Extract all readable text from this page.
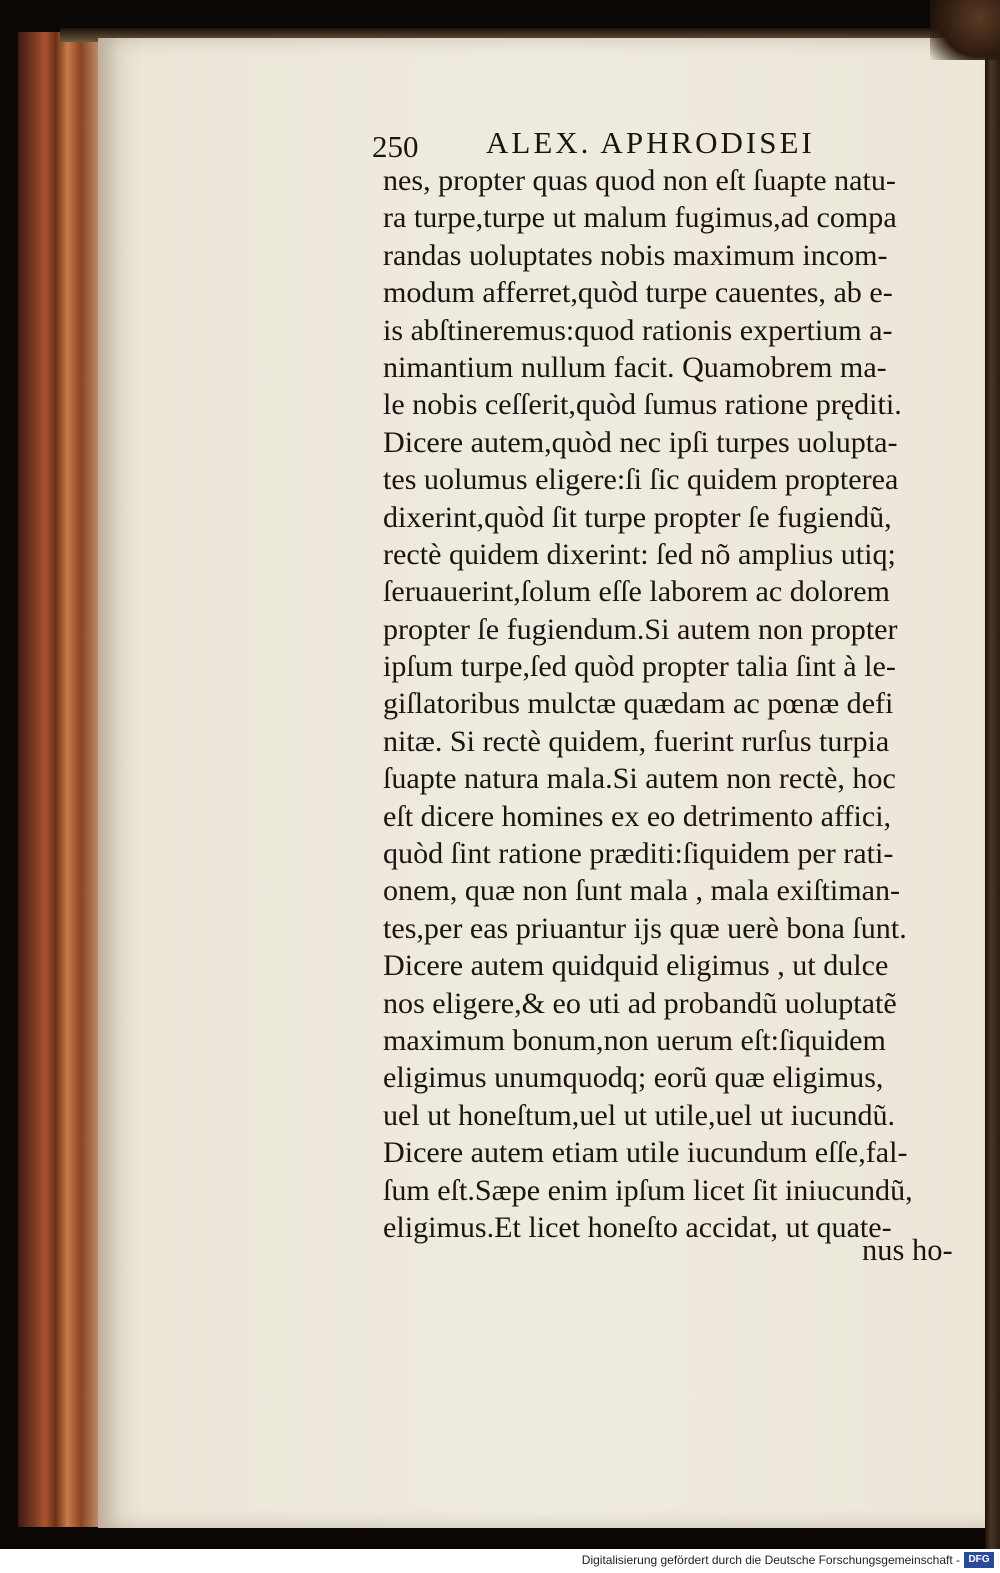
250 ALEX. APHRODISEI
nes, propter quas quod non eſt ſuapte natu-
ra turpe,turpe ut malum fugimus,ad compa
randas uoluptates nobis maximum incom-
modum afferret,quòd turpe cauentes, ab e-
is abſtineremus:quod rationis expertium a-
nimantium nullum facit. Quamobrem ma-
le nobis ceſſerit,quòd ſumus ratione pręditi.
Dicere autem,quòd nec ipſi turpes uolupta-
tes uolumus eligere:ſi ſic quidem propterea
dixerint,quòd ſit turpe propter ſe fugiendũ,
rectè quidem dixerint: ſed nõ amplius utiq;
ſeruauerint,ſolum eſſe laborem ac dolorem
propter ſe fugiendum.Si autem non propter
ipſum turpe,ſed quòd propter talia ſint à le-
giſlatoribus mulctæ quædam ac pœnæ defi
nitæ. Si rectè quidem, fuerint rurſus turpia
ſuapte natura mala.Si autem non rectè, hoc
eſt dicere homines ex eo detrimento affici,
quòd ſint ratione præditi:ſiquidem per rati-
onem, quæ non ſunt mala , mala exiſtiman-
tes,per eas priuantur ijs quæ uerè bona ſunt.
Dicere autem quidquid eligimus , ut dulce
nos eligere,& eo uti ad probandũ uoluptatẽ
maximum bonum,non uerum eſt:ſiquidem
eligimus unumquodq; eorũ quæ eligimus,
uel ut honeſtum,uel ut utile,uel ut iucundũ.
Dicere autem etiam utile iucundum eſſe,fal-
ſum eſt.Sæpe enim ipſum licet ſit iniucundũ,
eligimus.Et licet honeſto accidat, ut quate-
nus ho-
Digitalisierung gefördert durch die Deutsche Forschungsgemeinschaft - DFG
